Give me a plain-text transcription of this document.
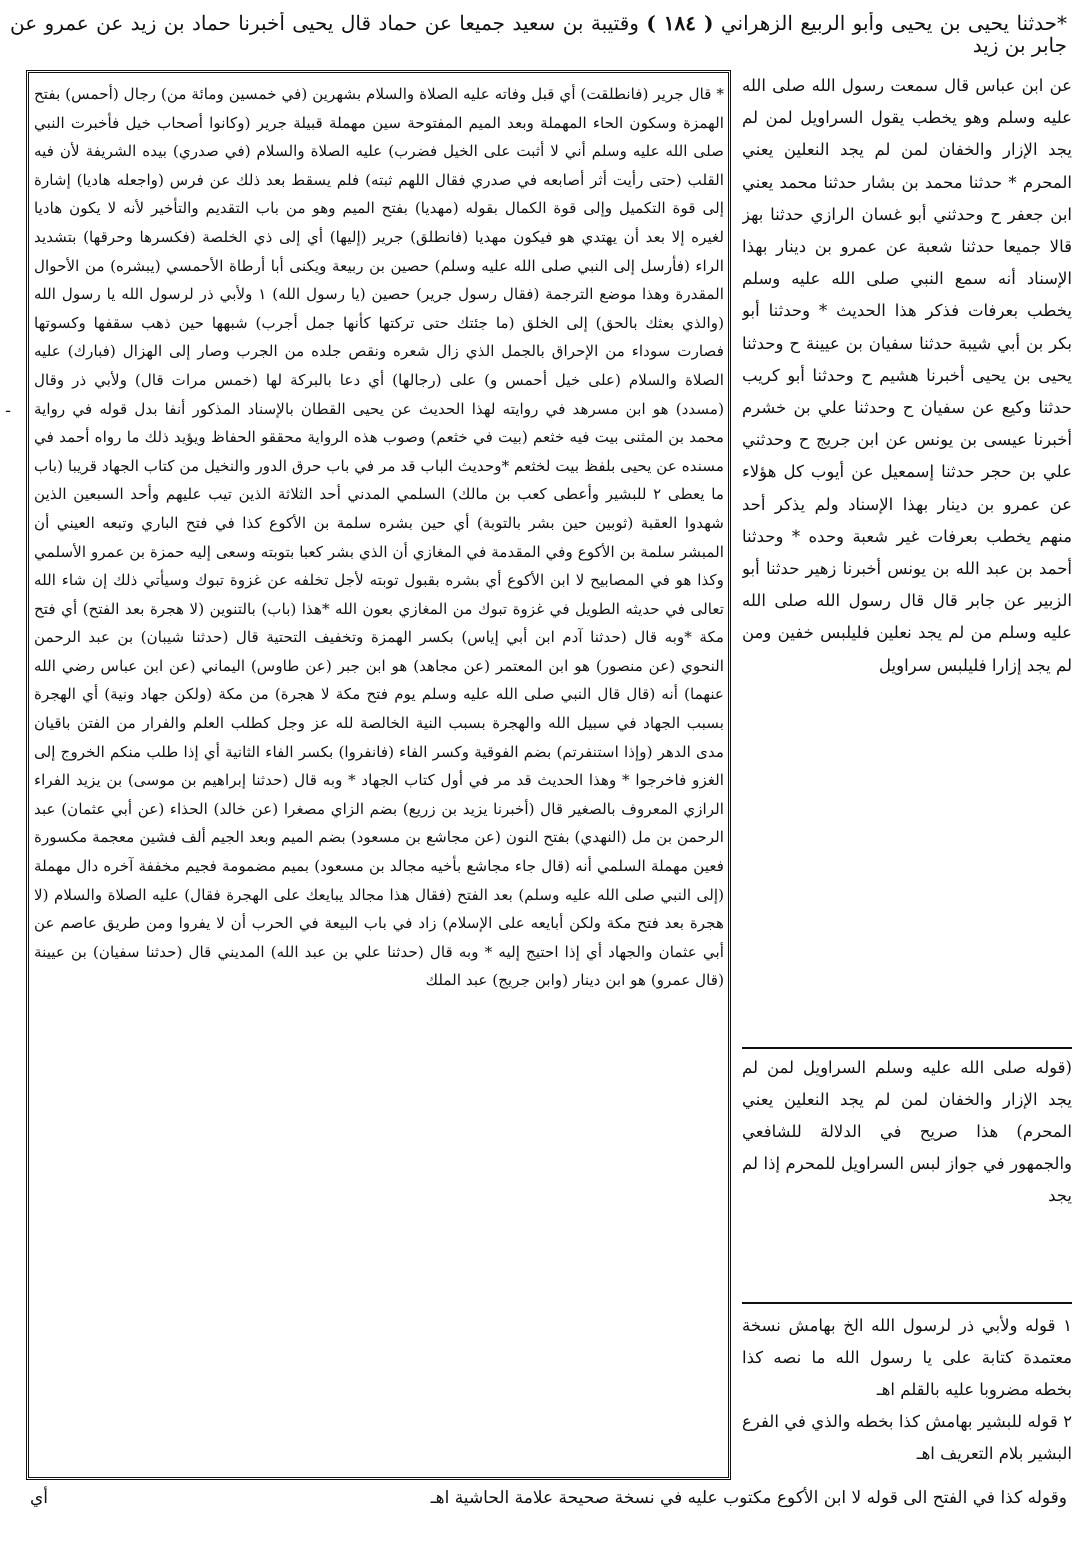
*حدثنا يحيى بن يحيى وأبو الربيع الزهراني ( ١٨٤ ) وقتيبة بن سعيد جميعا عن حماد قال يحيى أخبرنا حماد بن زيد عن عمرو عن جابر بن زيد
* قال جرير (فانطلقت) أي قبل وفاته عليه الصلاة والسلام بشهرين (في خمسين ومائة من) رجال (أحمس) بفتح الهمزة وسكون الحاء المهملة وبعد الميم المفتوحة سين مهملة قبيلة جرير (وكانوا أصحاب خيل فأخبرت النبي صلى الله عليه وسلم أني لا أثبت على الخيل فضرب) عليه الصلاة والسلام (في صدري) بيده الشريفة لأن فيه القلب (حتى رأيت أثر أصابعه في صدري فقال اللهم ثبته) فلم يسقط بعد ذلك عن فرس (واجعله هاديا) إشارة إلى قوة التكميل وإلى قوة الكمال بقوله (مهديا) بفتح الميم وهو من باب التقديم والتأخير لأنه لا يكون هاديا لغيره إلا بعد أن يهتدي هو فيكون مهديا (فانطلق) جرير (إليها) أي إلى ذي الخلصة (فكسرها وحرقها) بتشديد الراء (فأرسل إلى النبي صلى الله عليه وسلم) حصين بن ربيعة ويكنى أبا أرطاة الأحمسي (يبشره) من الأحوال المقدرة وهذا موضع الترجمة (فقال رسول جرير) حصين (يا رسول الله) ١ ولأبي ذر لرسول الله يا رسول الله (والذي بعثك بالحق) إلى الخلق (ما جئتك حتى تركتها كأنها جمل أجرب) شبهها حين ذهب سقفها وكسوتها فصارت سوداء من الإحراق بالجمل الذي زال شعره ونقص جلده من الجرب وصار إلى الهزال (فبارك) عليه الصلاة والسلام (على خيل أحمس و) على (رجالها) أي دعا بالبركة لها (خمس مرات قال) ولأبي ذر وقال (مسدد) هو ابن مسرهد في روايته لهذا الحديث عن يحيى القطان بالإسناد المذكور أنفا بدل قوله في رواية محمد بن المثنى بيت فيه خثعم (بيت في خثعم) وصوب هذه الرواية محققو الحفاظ ويؤيد ذلك ما رواه أحمد في مسنده عن يحيى بلفظ بيت لخثعم *وحديث الباب قد مر في باب حرق الدور والنخيل من كتاب الجهاد قريبا (باب ما يعطى ٢ للبشير وأعطى كعب بن مالك) السلمي المدني أحد الثلاثة الذين تيب عليهم وأحد السبعين الذين شهدوا العقبة (ثوبين حين بشر بالتوبة) أي حين بشره سلمة بن الأكوع كذا في فتح الباري وتبعه العيني أن المبشر سلمة بن الأكوع وفي المقدمة في المغازي أن الذي بشر كعبا بتوبته وسعى إليه حمزة بن عمرو الأسلمي وكذا هو في المصابيح لا ابن الأكوع أي بشره بقبول توبته لأجل تخلفه عن غزوة تبوك وسيأتي ذلك إن شاء الله تعالى في حديثه الطويل في غزوة تبوك من المغازي بعون الله *هذا (باب) بالتنوين (لا هجرة بعد الفتح) أي فتح مكة *وبه قال (حدثنا آدم ابن أبي إياس) بكسر الهمزة وتخفيف التحتية قال (حدثنا شيبان) بن عبد الرحمن النحوي (عن منصور) هو ابن المعتمر (عن مجاهد) هو ابن جبر (عن طاوس) اليماني (عن ابن عباس رضي الله عنهما) أنه (قال قال النبي صلى الله عليه وسلم يوم فتح مكة لا هجرة) من مكة (ولكن جهاد ونية) أي الهجرة بسبب الجهاد في سبيل الله والهجرة بسبب النية الخالصة لله عز وجل كطلب العلم والفرار من الفتن باقيان مدى الدهر (وإذا استنفرتم) بضم الفوقية وكسر الفاء (فانفروا) بكسر الفاء الثانية أي إذا طلب منكم الخروج إلى الغزو فاخرجوا * وهذا الحديث قد مر في أول كتاب الجهاد * وبه قال (حدثنا إبراهيم بن موسى) بن يزيد الفراء الرازي المعروف بالصغير قال (أخبرنا يزيد بن زريع) بضم الزاي مصغرا (عن خالد) الحذاء (عن أبي عثمان) عبد الرحمن بن مل (النهدي) بفتح النون (عن مجاشع بن مسعود) بضم الميم وبعد الجيم ألف فشين معجمة مكسورة فعين مهملة السلمي أنه (قال جاء مجاشع بأخيه مجالد بن مسعود) بميم مضمومة فجيم مخففة آخره دال مهملة (إلى النبي صلى الله عليه وسلم) بعد الفتح (فقال هذا مجالد يبايعك على الهجرة فقال) عليه الصلاة والسلام (لا هجرة بعد فتح مكة ولكن أبايعه على الإسلام) زاد في باب البيعة في الحرب أن لا يفروا ومن طريق عاصم عن أبي عثمان والجهاد أي إذا احتيج إليه * وبه قال (حدثنا علي بن عبد الله) المديني قال (حدثنا سفيان) بن عيينة (قال عمرو) هو ابن دينار (وابن جريج) عبد الملك
ـ
عن ابن عباس قال سمعت رسول الله صلى الله عليه وسلم وهو يخطب يقول السراويل لمن لم يجد الإزار والخفان لمن لم يجد النعلين يعني المحرم * حدثنا محمد بن بشار حدثنا محمد يعني ابن جعفر ح وحدثني أبو غسان الرازي حدثنا بهز قالا جميعا حدثنا شعبة عن عمرو بن دينار بهذا الإسناد أنه سمع النبي صلى الله عليه وسلم يخطب بعرفات فذكر هذا الحديث * وحدثنا أبو بكر بن أبي شيبة حدثنا سفيان بن عيينة ح وحدثنا يحيى بن يحيى أخبرنا هشيم ح وحدثنا أبو كريب حدثنا وكيع عن سفيان ح وحدثنا علي بن خشرم أخبرنا عيسى بن يونس عن ابن جريج ح وحدثني علي بن حجر حدثنا إسمعيل عن أيوب كل هؤلاء عن عمرو بن دينار بهذا الإسناد ولم يذكر أحد منهم يخطب بعرفات غير شعبة وحده * وحدثنا أحمد بن عبد الله بن يونس أخبرنا زهير حدثنا أبو الزبير عن جابر قال قال رسول الله صلى الله عليه وسلم من لم يجد نعلين فليلبس خفين ومن لم يجد إزارا فليلبس سراويل
(قوله صلى الله عليه وسلم السراويل لمن لم يجد الإزار والخفان لمن لم يجد النعلين يعني المحرم) هذا صريح في الدلالة للشافعي والجمهور في جواز لبس السراويل للمحرم إذا لم يجد
١ قوله ولأبي ذر لرسول الله الخ بهامش نسخة معتمدة كتابة على يا رسول الله ما نصه كذا بخطه مضروبا عليه بالقلم اهـ
٢ قوله للبشير بهامش كذا بخطه والذي في الفرع البشير بلام التعريف اهـ
وقوله كذا في الفتح الى قوله لا ابن الأكوع مكتوب عليه في نسخة صحيحة علامة الحاشية اهـ
أي
